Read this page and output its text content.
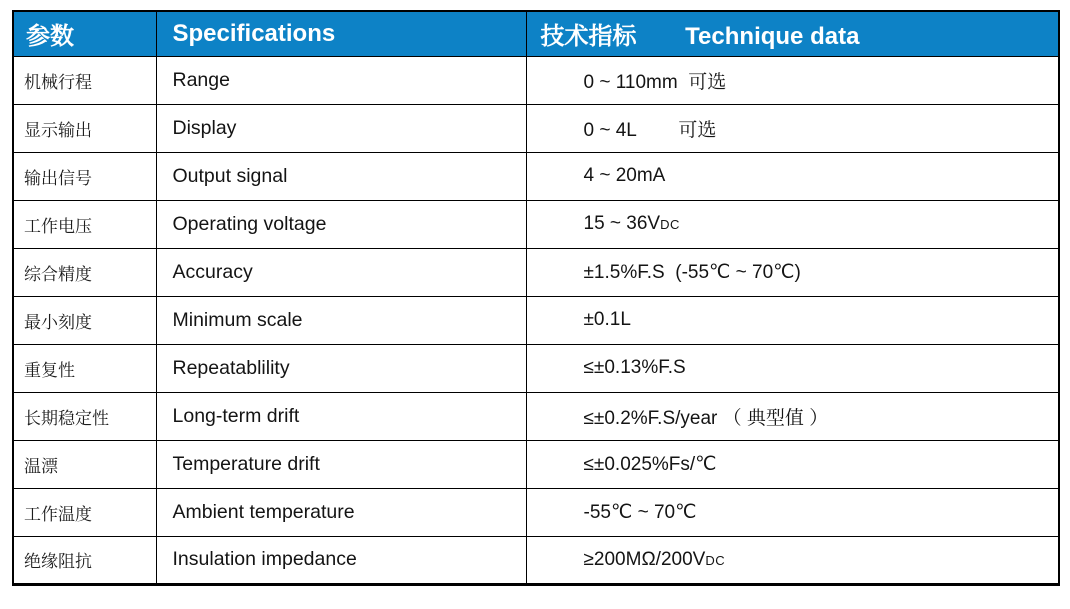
参数	Specifications	技术指标 Technique data
机械行程	Range	0 ~ 110mm  可选
显示输出	Display	0 ~ 4L        可选
输出信号	Output signal	4 ~ 20mA
工作电压	Operating voltage	15 ~ 36VDC
综合精度	Accuracy	±1.5%F.S  (-55℃ ~ 70℃)
最小刻度	Minimum scale	±0.1L
重复性	Repeatablility	≤±0.13%F.S
长期稳定性	Long-term drift	≤±0.2%F.S/year （ 典型值 ）
温漂	Temperature drift	≤±0.025%Fs/℃
工作温度	Ambient temperature	-55℃ ~ 70℃
绝缘阻抗	Insulation impedance	≥200MΩ/200VDC
